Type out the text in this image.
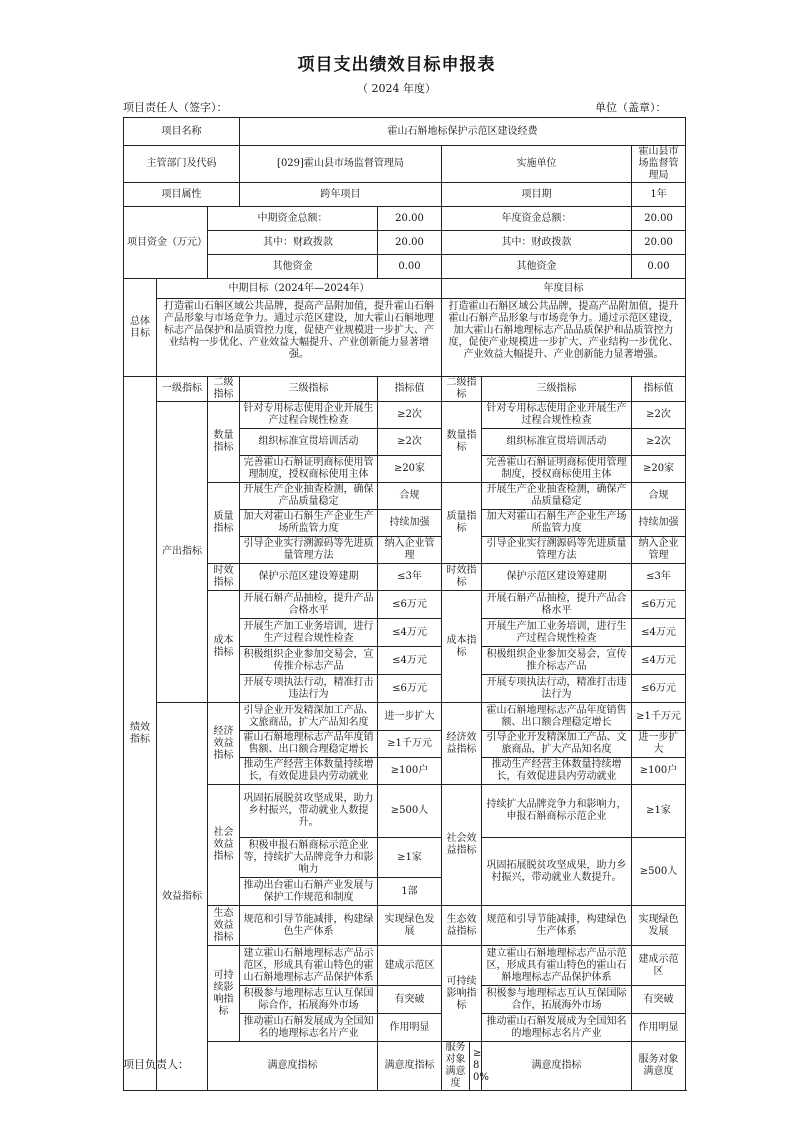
项目支出绩效目标申报表
（ 2024 年度）
项目责任人（签字）：	单位（盖章）：
项目名称			霍山石斛地标保护示范区建设经费						
主管部门及代码			[029]霍山县市场监督管理局		实施单位			霍山县市场监督管理局	
项目属性			跨年项目		项目期			1年	
项目资金（万元）		中期资金总额：		20.00	年度资金总额：			20.00	
		其中：财政拨款		20.00	其中：财政拨款			20.00	
		其他资金		0.00	其他资金			0.00	
总体目标	中期目标（2024年—2024年）				年度目标				
	打造霍山石斛区域公共品牌，提高产品附加值，提升霍山石斛产品形象与市场竞争力。通过示范区建设，加大霍山石斛地理标志产品保护和品质管控力度，促使产业规模进一步扩大、产业结构一步优化、产业效益大幅提升、产业创新能力显著增强。				打造霍山石斛区域公共品牌，提高产品附加值，提升霍山石斛产品形象与市场竞争力。通过示范区建设，加大霍山石斛地理标志产品品质保护和品质管控力度，促使产业规模进一步扩大、产业结构一步优化、产业效益大幅提升、产业创新能力显著增强。				
绩效指标	一级指标	二级指标	三级指标	指标值	二级指标		三级指标	指标值	
	产出指标	数量指标	针对专用标志使用企业开展生产过程合规性检查	≥2次	数量指标		针对专用标志使用企业开展生产过程合规性检查	≥2次	
			组织标准宣贯培训活动	≥2次			组织标准宣贯培训活动	≥2次	
			完善霍山石斛证明商标使用管理制度，授权商标使用主体	≥20家			完善霍山石斛证明商标使用管理制度，授权商标使用主体	≥20家	
		质量指标	开展生产企业抽查检测，确保产品质量稳定	合规	质量指标		开展生产企业抽查检测，确保产品质量稳定	合规	
			加大对霍山石斛生产企业生产场所监管力度	持续加强			加大对霍山石斛生产企业生产场所监管力度	持续加强	
			引导企业实行溯源码等先进质量管理方法	纳入企业管理			引导企业实行溯源码等先进质量管理方法	纳入企业管理	
		时效指标	保护示范区建设筹建期	≤3年	时效指标		保护示范区建设筹建期	≤3年	
		成本指标	开展石斛产品抽检，提升产品合格水平	≤6万元	成本指标		开展石斛产品抽检，提升产品合格水平	≤6万元	
			开展生产加工业务培训，进行生产过程合规性检查	≤4万元			开展生产加工业务培训，进行生产过程合规性检查	≤4万元	
			积极组织企业参加交易会，宣传推介标志产品	≤4万元			积极组织企业参加交易会，宣传推介标志产品	≤4万元	
			开展专项执法行动，精准打击违法行为	≤6万元			开展专项执法行动，精准打击违法行为	≤6万元	
	效益指标	经济效益指标	引导企业开发精深加工产品、文旅商品，扩大产品知名度	进一步扩大	经济效益指标		霍山石斛地理标志产品年度销售额、出口额合理稳定增长	≥1千万元	
			霍山石斛地理标志产品年度销售额、出口额合理稳定增长	≥1千万元			引导企业开发精深加工产品、文旅商品，扩大产品知名度	进一步扩大	
			推动生产经营主体数量持续增长，有效促进县内劳动就业	≥100户			推动生产经营主体数量持续增长，有效促进县内劳动就业	≥100户	
		社会效益指标	巩固拓展脱贫攻坚成果，助力乡村振兴，带动就业人数提升。	≥500人	社会效益指标		持续扩大品牌竞争力和影响力，申报石斛商标示范企业	≥1家	
			积极申报石斛商标示范企业等，持续扩大品牌竞争力和影响力	≥1家			巩固拓展脱贫攻坚成果，助力乡村振兴，带动就业人数提升。	≥500人	
			推动出台霍山石斛产业发展与保护工作规范和制度	1部					
		生态效益指标	规范和引导节能减排，构建绿色生产体系	实现绿色发展	生态效益指标		规范和引导节能减排，构建绿色生产体系	实现绿色发展	
		可持续影响指标	建立霍山石斛地理标志产品示范区，形成具有霍山特色的霍山石斛地理标志产品保护体系	建成示范区	可持续影响指标		建立霍山石斛地理标志产品示范区，形成具有霍山特色的霍山石斛地理标志产品保护体系	建成示范区	
			积极参与地理标志互认互保国际合作，拓展海外市场	有突破			积极参与地理标志互认互保国际合作，拓展海外市场	有突破	
			推动霍山石斛发展成为全国知名的地理标志名片产业	作用明显			推动霍山石斛发展成为全国知名的地理标志名片产业	作用明显	
		满意度指标		满意度指标	服务对象满意度	≥80%	满意度指标	服务对象满意度	
项目负责人：
